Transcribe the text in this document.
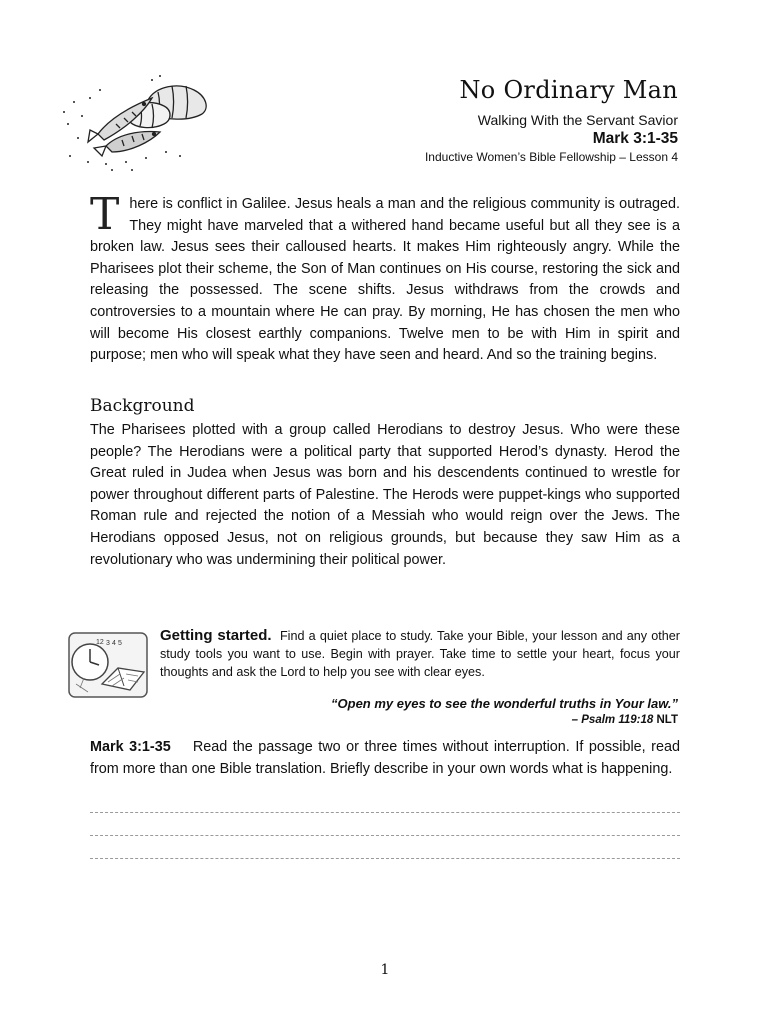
No Ordinary Man
Walking With the Servant Savior
Mark 3:1-35
Inductive Women’s Bible Fellowship – Lesson 4

There is conflict in Galilee. Jesus heals a man and the religious community is outraged. They might have marveled that a withered hand became useful but all they see is a broken law. Jesus sees their calloused hearts. It makes Him righteously angry. While the Pharisees plot their scheme, the Son of Man continues on His course, restoring the sick and releasing the possessed. The scene shifts. Jesus withdraws from the crowds and controversies to a mountain where He can pray. By morning, He has chosen the men who will become His closest earthly companions. Twelve men to be with Him in spirit and purpose; men who will speak what they have seen and heard. And so the training begins.

Background

The Pharisees plotted with a group called Herodians to destroy Jesus. Who were these people? The Herodians were a political party that supported Herod’s dynasty. Herod the Great ruled in Judea when Jesus was born and his descendents continued to wrestle for power throughout different parts of Palestine. The Herods were puppet-kings who supported Roman rule and rejected the notion of a Messiah who would reign over the Jews. The Herodians opposed Jesus, not on religious grounds, but because they saw Him as a revolutionary who was undermining their political power.

12 3 4 5	Getting started. Find a quiet place to study. Take your Bible, your lesson and any other study tools you want to use. Begin with prayer. Take time to settle your heart, focus your thoughts and ask the Lord to help you see with clear eyes.

“Open my eyes to see the wonderful truths in Your law.”
– Psalm 119:18 NLT

Mark 3:1-35 Read the passage two or three times without interruption. If possible, read from more than one Bible translation. Briefly describe in your own words what is happening.

1
